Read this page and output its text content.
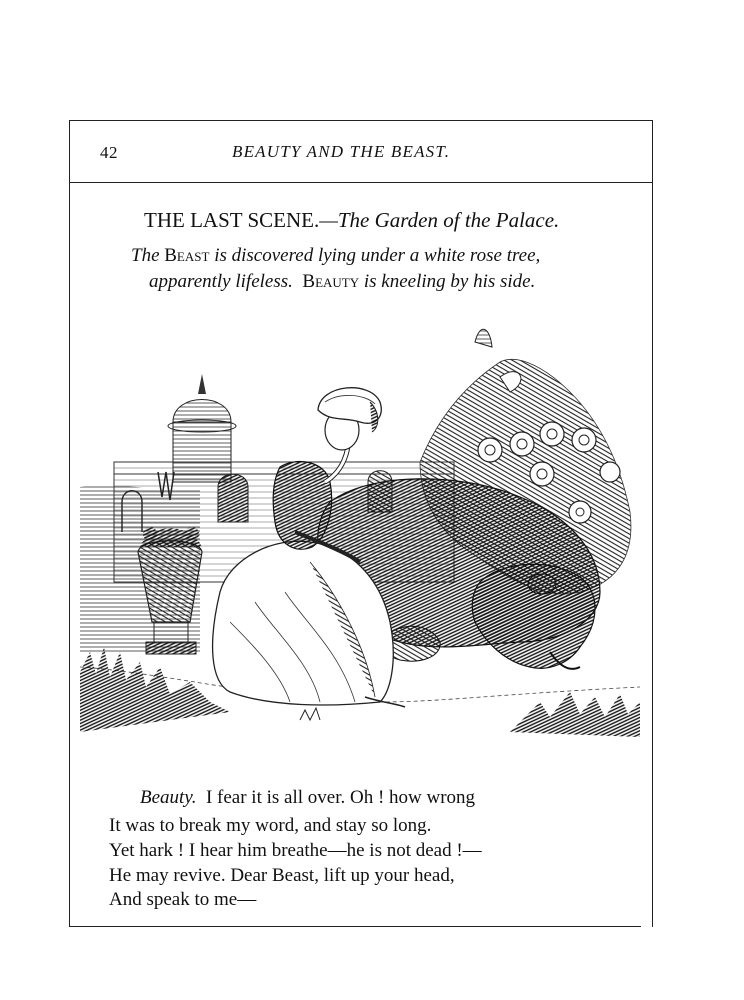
42	BEAUTY AND THE BEAST.
THE LAST SCENE.—The Garden of the Palace.
The Beast is discovered lying under a white rose tree,
apparently lifeless. Beauty is kneeling by his side.
Beauty. I fear it is all over. Oh ! how wrong
It was to break my word, and stay so long.
Yet hark ! I hear him breathe—he is not dead !—
He may revive. Dear Beast, lift up your head,
And speak to me—
